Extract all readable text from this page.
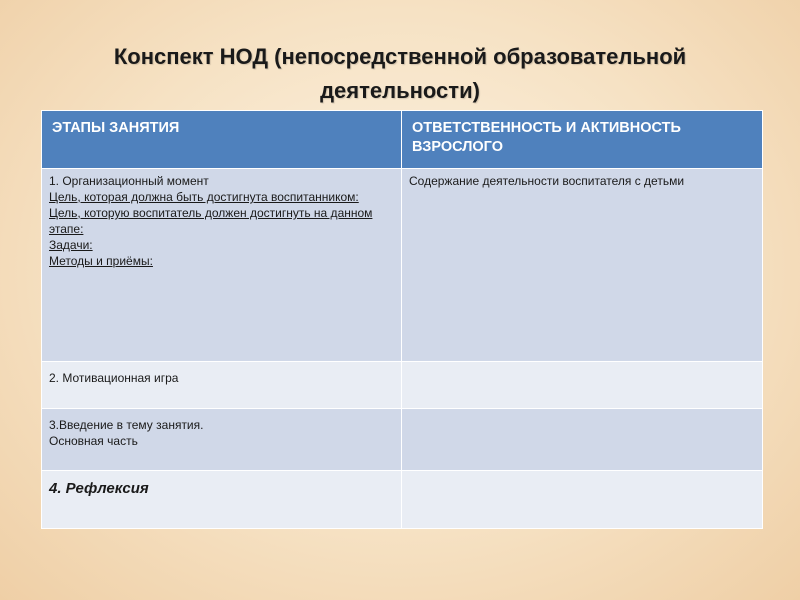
Конспект НОД (непосредственной образовательной деятельности)
ЭТАПЫ ЗАНЯТИЯ	ОТВЕТСТВЕННОСТЬ И АКТИВНОСТЬ ВЗРОСЛОГО

1. Организационный момент
Цель, которая должна быть достигнута воспитанником:
Цель, которую воспитатель должен достигнуть на данном этапе:
Задачи:
Методы и приёмы:	Содержание деятельности воспитателя с детьми

2. Мотивационная игра	

3.Введение в тему занятия.
Основная часть	

4. Рефлексия	
